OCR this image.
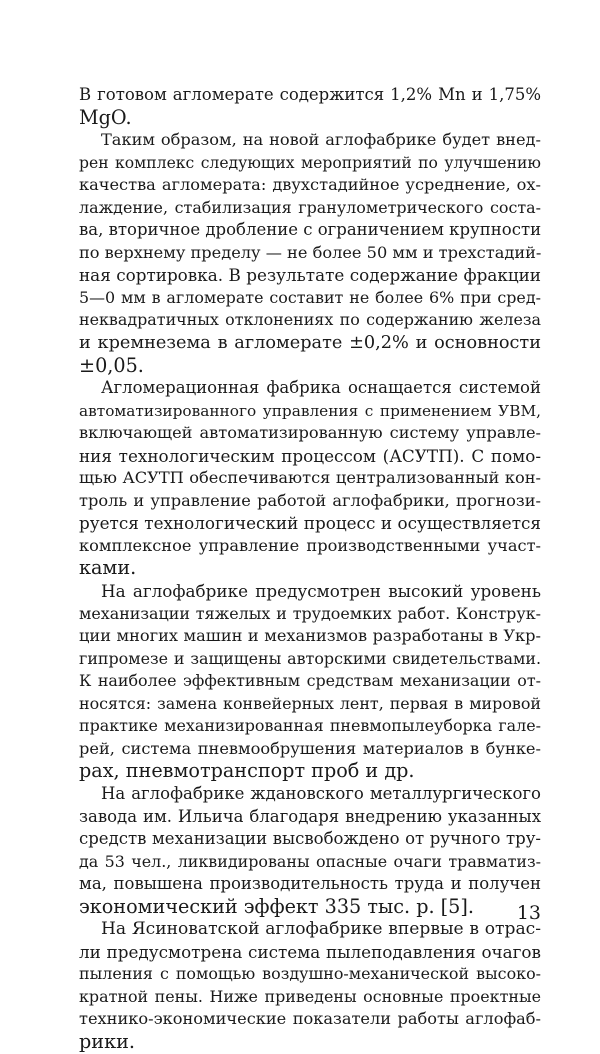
В готовом агломерате содержится 1,2% Mn и 1,75%
MgO.
Таким образом, на новой аглофабрике будет внед-
рен комплекс следующих мероприятий по улучшению
качества агломерата: двухстадийное усреднение, ох-
лаждение, стабилизация гранулометрического соста-
ва, вторичное дробление с ограничением крупности
по верхнему пределу — не более 50 мм и трехстадий-
ная сортировка. В результате содержание фракции
5—0 мм в агломерате составит не более 6% при сред-
неквадратичных отклонениях по содержанию железа
и кремнезема в агломерате ±0,2% и основности
±0,05.
Агломерационная фабрика оснащается системой
автоматизированного управления с применением УВМ,
включающей автоматизированную систему управле-
ния технологическим процессом (АСУТП). С помо-
щью АСУТП обеспечиваются централизованный кон-
троль и управление работой аглофабрики, прогнози-
руется технологический процесс и осуществляется
комплексное управление производственными участ-
ками.
На аглофабрике предусмотрен высокий уровень
механизации тяжелых и трудоемких работ. Конструк-
ции многих машин и механизмов разработаны в Укр-
гипромезе и защищены авторскими свидетельствами.
К наиболее эффективным средствам механизации от-
носятся: замена конвейерных лент, первая в мировой
практике механизированная пневмопылеуборка гале-
рей, система пневмообрушения материалов в бунке-
рах, пневмотранспорт проб и др.
На аглофабрике ждановского металлургического
завода им. Ильича благодаря внедрению указанных
средств механизации высвобождено от ручного тру-
да 53 чел., ликвидированы опасные очаги травматиз-
ма, повышена производительность труда и получен
экономический эффект 335 тыс. р. [5].
На Ясиноватской аглофабрике впервые в отрас-
ли предусмотрена система пылеподавления очагов
пыления с помощью воздушно-механической высоко-
кратной пены. Ниже приведены основные проектные
технико-экономические показатели работы аглофаб-
рики.
13
